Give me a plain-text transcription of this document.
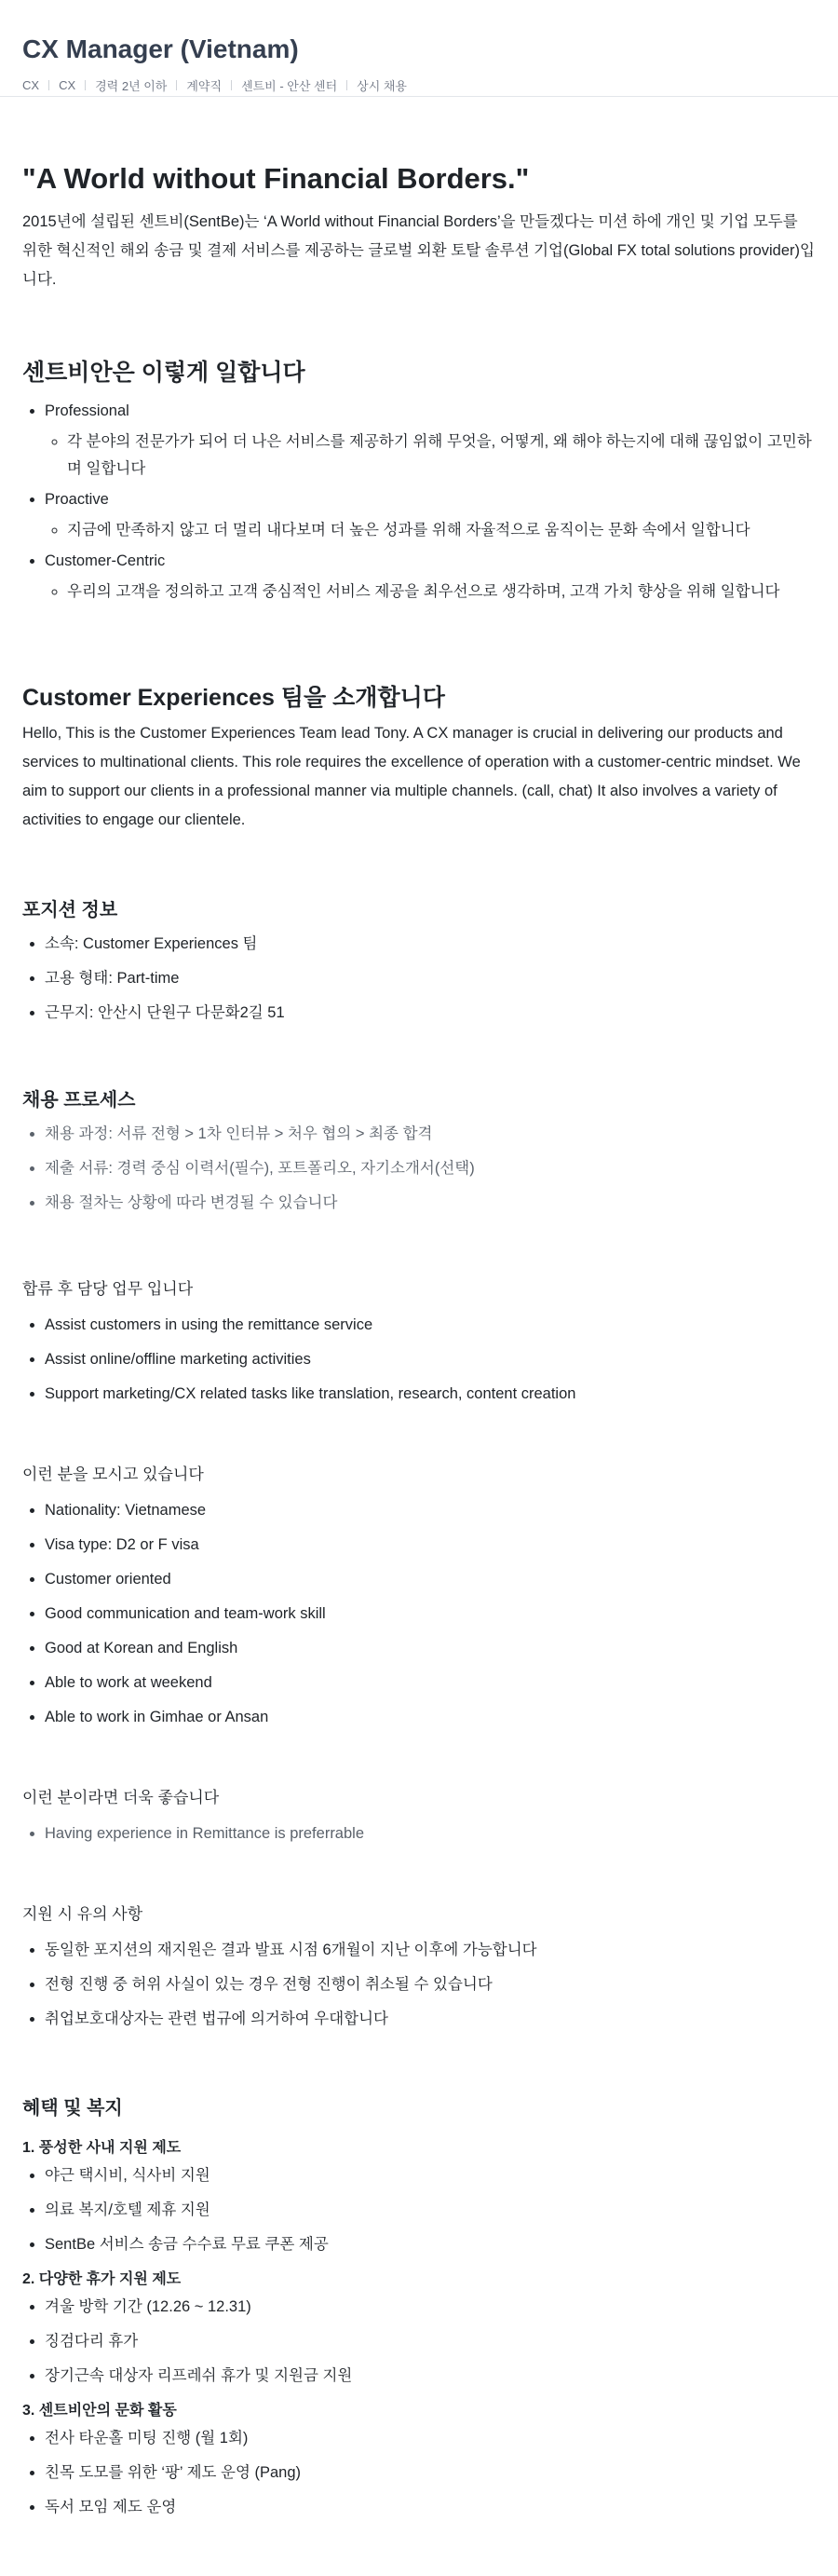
CX Manager (Vietnam)
CX CX 경력 2년 이하 계약직 센트비 - 안산 센터 상시 채용
"A World without Financial Borders."

2015년에 설립된 센트비(SentBe)는 ‘A World without Financial Borders’을 만들겠다는 미션 하에 개인 및 기업 모두를 위한 혁신적인 해외 송금 및 결제 서비스를 제공하는 글로벌 외환 토탈 솔루션 기업(Global FX total solutions provider)입니다.

센트비안은 이렇게 일합니다
• Professional
◦ 각 분야의 전문가가 되어 더 나은 서비스를 제공하기 위해 무엇을, 어떻게, 왜 해야 하는지에 대해 끊임없이 고민하며 일합니다
• Proactive
◦ 지금에 만족하지 않고 더 멀리 내다보며 더 높은 성과를 위해 자율적으로 움직이는 문화 속에서 일합니다
• Customer-Centric
◦ 우리의 고객을 정의하고 고객 중심적인 서비스 제공을 최우선으로 생각하며, 고객 가치 향상을 위해 일합니다
Customer Experiences 팀을 소개합니다

Hello, This is the Customer Experiences Team lead Tony. A CX manager is crucial in delivering our products and services to multinational clients. This role requires the excellence of operation with a customer-centric mindset. We aim to support our clients in a professional manner via multiple channels. (call, chat) It also involves a variety of activities to engage our clientele.

포지션 정보
• 소속: Customer Experiences 팀
• 고용 형태: Part-time
• 근무지: 안산시 단원구 다문화2길 51
채용 프로세스
• 채용 과정: 서류 전형 > 1차 인터뷰 > 처우 협의 > 최종 합격
• 제출 서류: 경력 중심 이력서(필수), 포트폴리오, 자기소개서(선택)
• 채용 절차는 상황에 따라 변경될 수 있습니다
합류 후 담당 업무 입니다
• Assist customers in using the remittance service
• Assist online/offline marketing activities
• Support marketing/CX related tasks like translation, research, content creation
이런 분을 모시고 있습니다
• Nationality: Vietnamese
• Visa type: D2 or F visa
• Customer oriented
• Good communication and team-work skill
• Good at Korean and English
• Able to work at weekend
• Able to work in Gimhae or Ansan
이런 분이라면 더욱 좋습니다
• Having experience in Remittance is preferrable
지원 시 유의 사항
• 동일한 포지션의 재지원은 결과 발표 시점 6개월이 지난 이후에 가능합니다
• 전형 진행 중 허위 사실이 있는 경우 전형 진행이 취소될 수 있습니다
• 취업보호대상자는 관련 법규에 의거하여 우대합니다
혜택 및 복지
1. 풍성한 사내 지원 제도
• 야근 택시비, 식사비 지원
• 의료 복지/호텔 제휴 지원
• SentBe 서비스 송금 수수료 무료 쿠폰 제공
2. 다양한 휴가 지원 제도
• 겨울 방학 기간 (12.26 ~ 12.31)
• 징검다리 휴가
• 장기근속 대상자 리프레쉬 휴가 및 지원금 지원
3. 센트비안의 문화 활동
• 전사 타운홀 미팅 진행 (월 1회)
• 친목 도모를 위한 ‘팡’ 제도 운영 (Pang)
• 독서 모임 제도 운영
